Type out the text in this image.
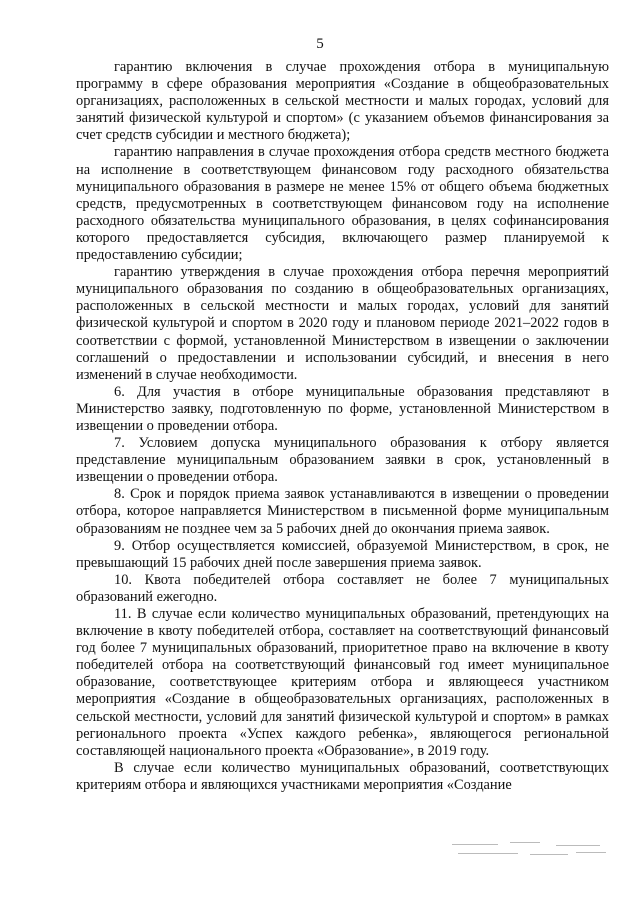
5

гарантию включения в случае прохождения отбора в муниципальную программу в сфере образования мероприятия «Создание в общеобразовательных организациях, расположенных в сельской местности и малых городах, условий для занятий физической культурой и спортом» (с указанием объемов финансирования за счет средств субсидии и местного бюджета);

гарантию направления в случае прохождения отбора средств местного бюджета на исполнение в соответствующем финансовом году расходного обязательства муниципального образования в размере не менее 15% от общего объема бюджетных средств, предусмотренных в соответствующем финансовом году на исполнение расходного обязательства муниципального образования, в целях софинансирования которого предоставляется субсидия, включающего размер планируемой к предоставлению субсидии;

гарантию утверждения в случае прохождения отбора перечня мероприятий муниципального образования по созданию в общеобразовательных организациях, расположенных в сельской местности и малых городах, условий для занятий физической культурой и спортом в 2020 году и плановом периоде 2021–2022 годов в соответствии с формой, установленной Министерством в извещении о заключении соглашений о предоставлении и использовании субсидий, и внесения в него изменений в случае необходимости.

6. Для участия в отборе муниципальные образования представляют в Министерство заявку, подготовленную по форме, установленной Министерством в извещении о проведении отбора.

7. Условием допуска муниципального образования к отбору является представление муниципальным образованием заявки в срок, установленный в извещении о проведении отбора.

8. Срок и порядок приема заявок устанавливаются в извещении о проведении отбора, которое направляется Министерством в письменной форме муниципальным образованиям не позднее чем за 5 рабочих дней до окончания приема заявок.

9. Отбор осуществляется комиссией, образуемой Министерством, в срок, не превышающий 15 рабочих дней после завершения приема заявок.

10. Квота победителей отбора составляет не более 7 муниципальных образований ежегодно.

11. В случае если количество муниципальных образований, претендующих на включение в квоту победителей отбора, составляет на соответствующий финансовый год более 7 муниципальных образований, приоритетное право на включение в квоту победителей отбора на соответствующий финансовый год имеет муниципальное образование, соответствующее критериям отбора и являющееся участником мероприятия «Создание в общеобразовательных организациях, расположенных в сельской местности, условий для занятий физической культурой и спортом» в рамках регионального проекта «Успех каждого ребенка», являющегося региональной составляющей национального проекта «Образование», в 2019 году.

В случае если количество муниципальных образований, соответствующих критериям отбора и являющихся участниками мероприятия «Создание
